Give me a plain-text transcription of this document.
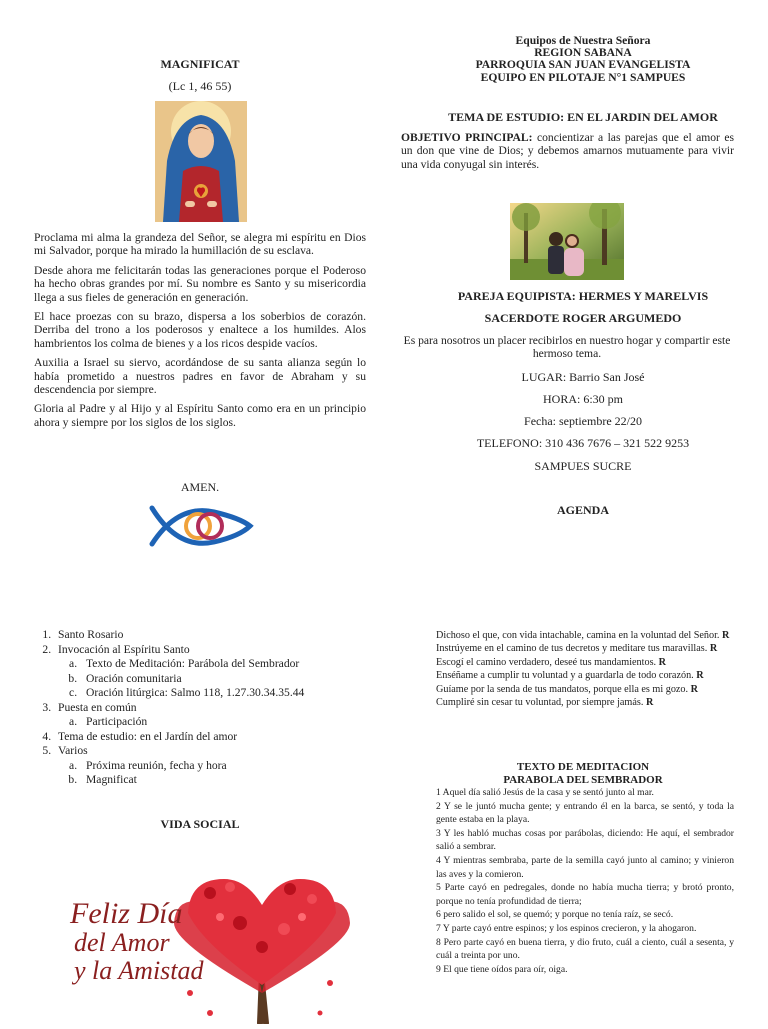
MAGNIFICAT
(Lc 1, 46 55)

Proclama mi alma la grandeza del Señor, se alegra mi espíritu en Dios mi Salvador, porque ha mirado la humillación de su esclava.

Desde ahora me felicitarán todas las generaciones porque el Poderoso ha hecho obras grandes por mí. Su nombre es Santo y su misericordia llega a sus fieles de generación en generación.

El hace proezas con su brazo, dispersa a los soberbios de corazón. Derriba del trono a los poderosos y enaltece a los humildes. Alos hambrientos los colma de bienes y a los ricos despide vacíos.

Auxilia a Israel su siervo, acordándose de su santa alianza según lo había prometido a nuestros padres en favor de Abraham y su descendencia por siempre.

Gloria al Padre y al Hijo y al Espíritu Santo como era en un principio ahora y siempre por los siglos de los siglos.

AMEN.
Equipos de Nuestra Señora
REGION SABANA
PARROQUIA SAN JUAN EVANGELISTA
EQUIPO EN PILOTAJE N°1 SAMPUES
TEMA DE ESTUDIO: EN EL JARDIN DEL AMOR
OBJETIVO PRINCIPAL: concientizar a las parejas que el amor es un don que vine de Dios; y debemos amarnos mutuamente para vivir una vida conyugal sin interés.
PAREJA EQUIPISTA: HERMES Y MARELVIS
SACERDOTE ROGER ARGUMEDO
Es para nosotros un placer recibirlos en nuestro hogar y compartir este hermoso tema.
LUGAR: Barrio San José
HORA: 6:30 pm
Fecha: septiembre 22/20
TELEFONO: 310 436 7676 – 321 522 9253
SAMPUES SUCRE
AGENDA
1. Santo Rosario
2. Invocación al Espíritu Santo
a. Texto de Meditación: Parábola del Sembrador
b. Oración comunitaria
c. Oración litúrgica: Salmo 118, 1.27.30.34.35.44
3. Puesta en común
a. Participación
4. Tema de estudio: en el Jardín del amor
5. Varios
a. Próxima reunión, fecha y hora
b. Magnificat
VIDA SOCIAL
Feliz Día
del Amor
y la Amistad

Dichoso el que, con vida intachable, camina en la voluntad del Señor. R

Instrúyeme en el camino de tus decretos y meditare tus maravillas. R

Escogí el camino verdadero, deseé tus mandamientos. R

Enséñame a cumplir tu voluntad y a guardarla de todo corazón. R

Guíame por la senda de tus mandatos, porque ella es mi gozo. R

Cumpliré sin cesar tu voluntad, por siempre jamás. R

TEXTO DE MEDITACION
PARABOLA DEL SEMBRADOR

1 Aquel día salió Jesús de la casa y se sentó junto al mar.

2 Y se le juntó mucha gente; y entrando él en la barca, se sentó, y toda la gente estaba en la playa.

3 Y les habló muchas cosas por parábolas, diciendo: He aquí, el sembrador salió a sembrar.

4 Y mientras sembraba, parte de la semilla cayó junto al camino; y vinieron las aves y la comieron.

5 Parte cayó en pedregales, donde no había mucha tierra; y brotó pronto, porque no tenía profundidad de tierra;

6 pero salido el sol, se quemó; y porque no tenía raíz, se secó.

7 Y parte cayó entre espinos; y los espinos crecieron, y la ahogaron.

8 Pero parte cayó en buena tierra, y dio fruto, cuál a ciento, cuál a sesenta, y cuál a treinta por uno.

9 El que tiene oídos para oír, oiga.
